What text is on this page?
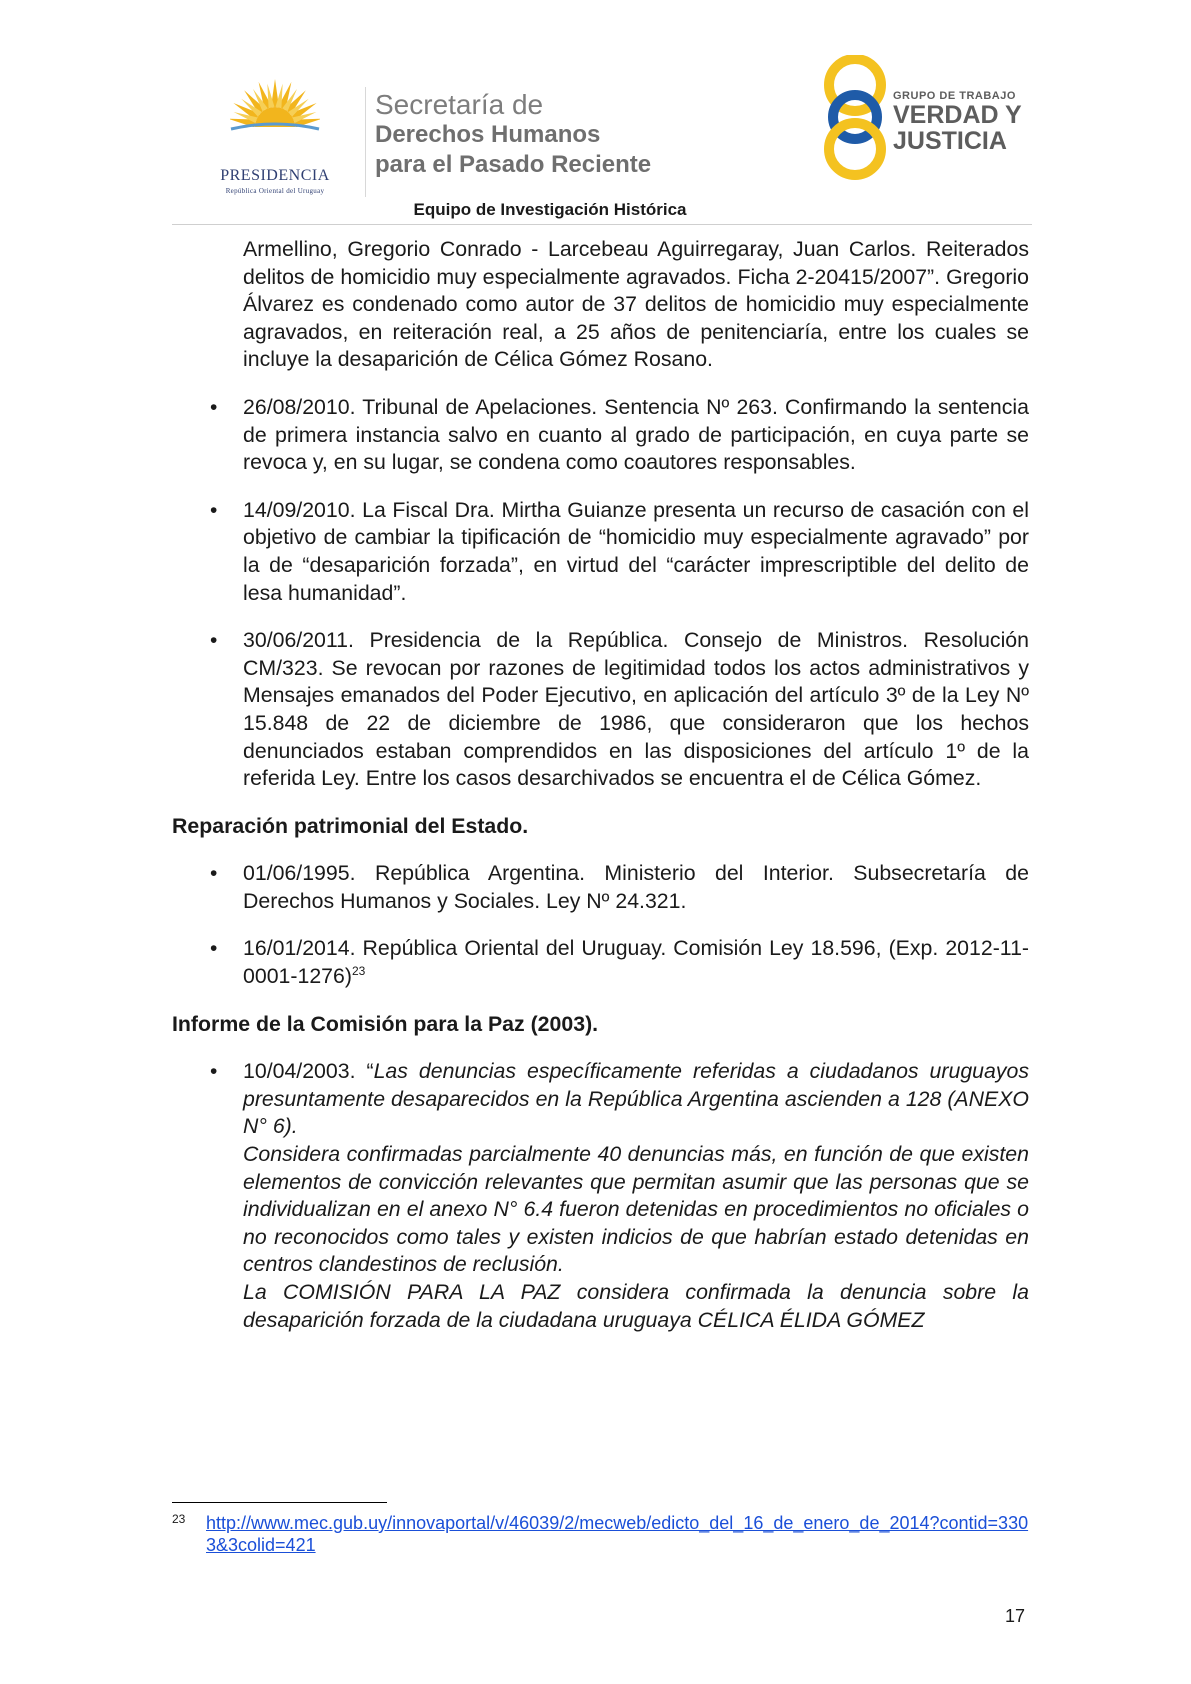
PRESIDENCIA
República Oriental del Uruguay
Secretaría de
Derechos Humanos
para el Pasado Reciente
GRUPO DE TRABAJO
VERDAD Y
JUSTICIA
Equipo de Investigación Histórica

Armellino, Gregorio Conrado - Larcebeau Aguirregaray, Juan Carlos. Reiterados delitos de homicidio muy especialmente agravados. Ficha 2-20415/2007”. Gregorio Álvarez es condenado como autor de 37 delitos de homicidio muy especialmente agravados, en reiteración real, a 25 años de penitenciaría, entre los cuales se incluye la desaparición de Célica Gómez Rosano.

• 26/08/2010. Tribunal de Apelaciones. Sentencia Nº 263. Confirmando la sentencia de primera instancia salvo en cuanto al grado de participación, en cuya parte se revoca y, en su lugar, se condena como coautores responsables.

• 14/09/2010. La Fiscal Dra. Mirtha Guianze presenta un recurso de casación con el objetivo de cambiar la tipificación de “homicidio muy especialmente agravado” por la de “desaparición forzada”, en virtud del “carácter imprescriptible del delito de lesa humanidad”.

• 30/06/2011. Presidencia de la República. Consejo de Ministros. Resolución CM/323. Se revocan por razones de legitimidad todos los actos administrativos y Mensajes emanados del Poder Ejecutivo, en aplicación del artículo 3º de la Ley Nº 15.848 de 22 de diciembre de 1986, que consideraron que los hechos denunciados estaban comprendidos en las disposiciones del artículo 1º de la referida Ley. Entre los casos desarchivados se encuentra el de Célica Gómez.

Reparación patrimonial del Estado.
• 01/06/1995. República Argentina. Ministerio del Interior. Subsecretaría de Derechos Humanos y Sociales. Ley Nº 24.321.

• 16/01/2014. República Oriental del Uruguay. Comisión Ley 18.596, (Exp. 2012-11-0001-1276)$^{23}$

Informe de la Comisión para la Paz (2003).
• 10/04/2003. “Las denuncias específicamente referidas a ciudadanos uruguayos presuntamente desaparecidos en la República Argentina ascienden a 128 (ANEXO N° 6).

Considera confirmadas parcialmente 40 denuncias más, en función de que existen elementos de convicción relevantes que permitan asumir que las personas que se individualizan en el anexo N° 6.4 fueron detenidas en procedimientos no oficiales o no reconocidos como tales y existen indicios de que habrían estado detenidas en centros clandestinos de reclusión.

La COMISIÓN PARA LA PAZ considera confirmada la denuncia sobre la desaparición forzada de la ciudadana uruguaya CÉLICA ÉLIDA GÓMEZ

23 http://www.mec.gub.uy/innovaportal/v/46039/2/mecweb/edicto_del_16_de_enero_de_2014?contid=3303&3colid=421
17
